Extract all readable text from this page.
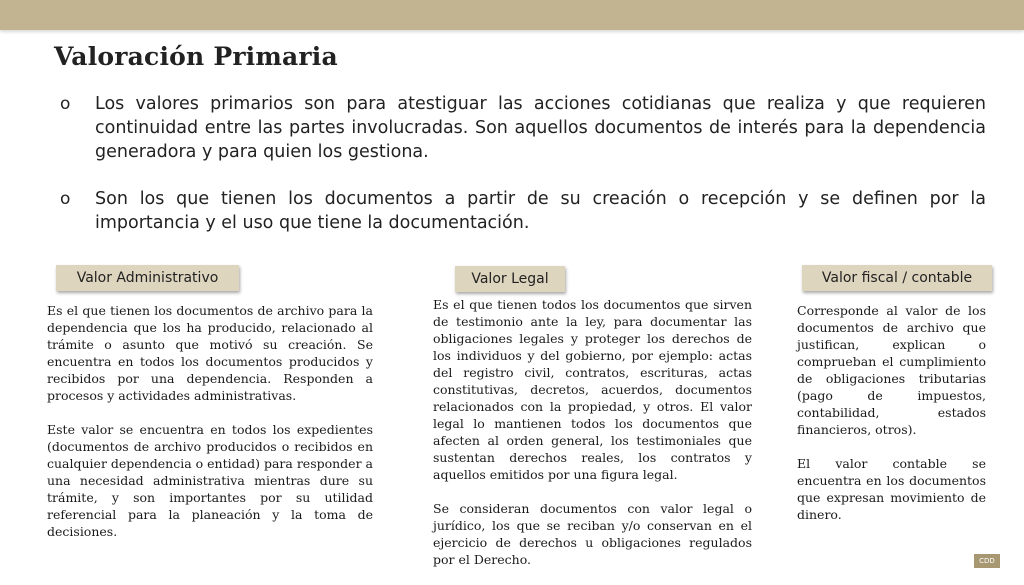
Valoración Primaria
o Los valores primarios son para atestiguar las acciones cotidianas que realiza y que requieren continuidad entre las partes involucradas. Son aquellos documentos de interés para la dependencia generadora y para quien los gestiona.
o Son los que tienen los documentos a partir de su creación o recepción y se definen por la importancia y el uso que tiene la documentación.
Valor Administrativo

Es el que tienen los documentos de archivo para la dependencia que los ha producido, relacionado al trámite o asunto que motivó su creación. Se encuentra en todos los documentos producidos y recibidos por una dependencia. Responden a procesos y actividades administrativas.

Este valor se encuentra en todos los expedientes (documentos de archivo producidos o recibidos en cualquier dependencia o entidad) para responder a una necesidad administrativa mientras dure su trámite, y son importantes por su utilidad referencial para la planeación y la toma de decisiones.

Valor Legal

Es el que tienen todos los documentos que sirven de testimonio ante la ley, para documentar las obligaciones legales y proteger los derechos de los individuos y del gobierno, por ejemplo: actas del registro civil, contratos, escrituras, actas constitutivas, decretos, acuerdos, documentos relacionados con la propiedad, y otros. El valor legal lo mantienen todos los documentos que afecten al orden general, los testimoniales que sustentan derechos reales, los contratos y aquellos emitidos por una figura legal.

Se consideran documentos con valor legal o jurídico, los que se reciban y/o conservan en el ejercicio de derechos u obligaciones regulados por el Derecho.

Valor fiscal / contable

Corresponde al valor de los documentos de archivo que justifican, explican o comprueban el cumplimiento de obligaciones tributarias (pago de impuestos, contabilidad, estados financieros, otros).

El valor contable se encuentra en los documentos que expresan movimiento de dinero.

CDD
